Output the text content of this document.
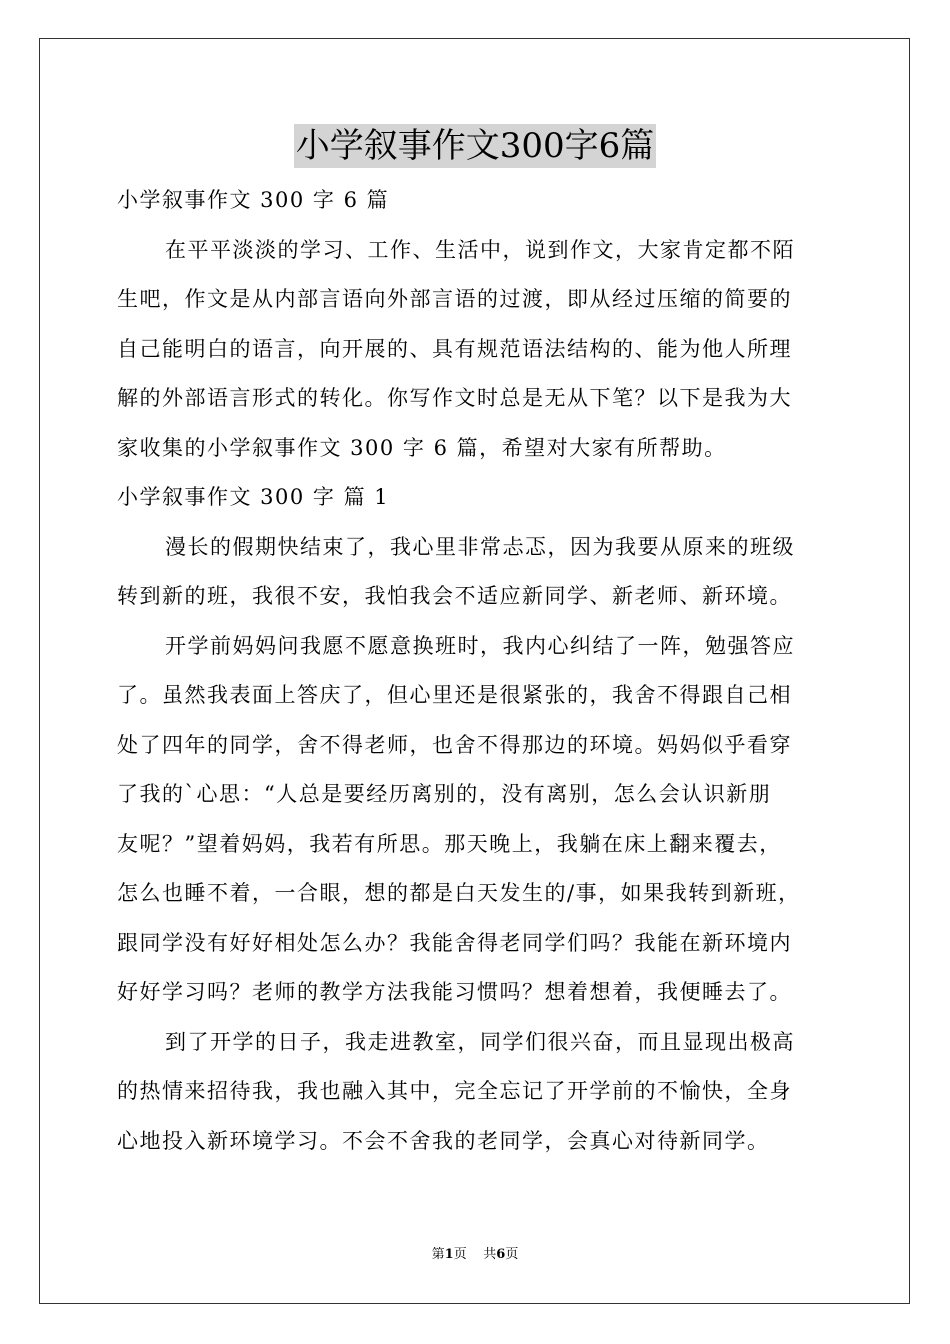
小学叙事作文300字6篇
小学叙事作文 300 字 6 篇
在平平淡淡的学习、工作、生活中，说到作文，大家肯定都不陌
生吧，作文是从内部言语向外部言语的过渡，即从经过压缩的简要的
自己能明白的语言，向开展的、具有规范语法结构的、能为他人所理
解的外部语言形式的转化。你写作文时总是无从下笔？以下是我为大
家收集的小学叙事作文 300 字 6 篇，希望对大家有所帮助。
小学叙事作文 300 字 篇 1
漫长的假期快结束了，我心里非常忐忑，因为我要从原来的班级
转到新的班，我很不安，我怕我会不适应新同学、新老师、新环境。
开学前妈妈问我愿不愿意换班时，我内心纠结了一阵，勉强答应
了。虽然我表面上答庆了，但心里还是很紧张的，我舍不得跟自己相
处了四年的同学，舍不得老师，也舍不得那边的环境。妈妈似乎看穿
了我的`心思：“人总是要经历离别的，没有离别，怎么会认识新朋
友呢？”望着妈妈，我若有所思。那天晚上，我躺在床上翻来覆去，
怎么也睡不着，一合眼，想的都是白天发生的/事，如果我转到新班，
跟同学没有好好相处怎么办？我能舍得老同学们吗？我能在新环境内
好好学习吗？老师的教学方法我能习惯吗？想着想着，我便睡去了。
到了开学的日子，我走进教室，同学们很兴奋，而且显现出极高
的热情来招待我，我也融入其中，完全忘记了开学前的不愉快，全身
心地投入新环境学习。不会不舍我的老同学，会真心对待新同学。
第1页 共6页
